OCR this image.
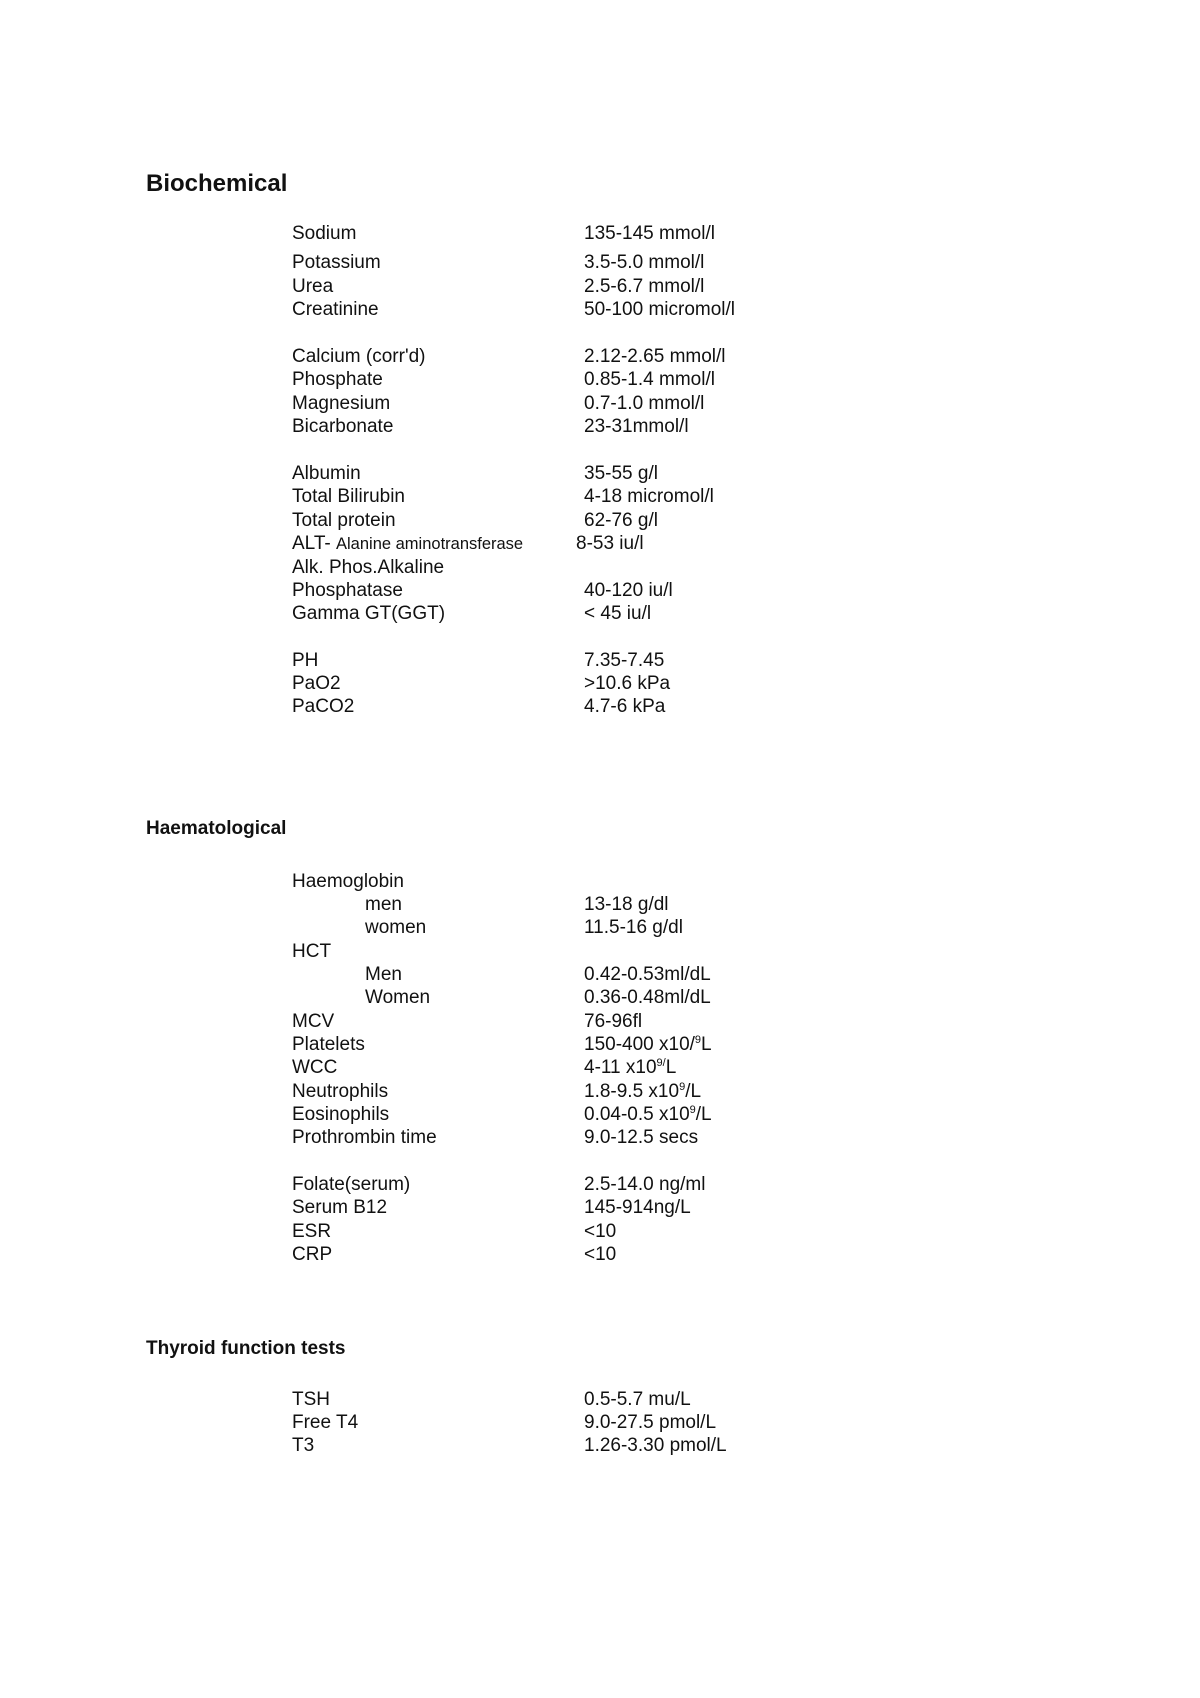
Biochemical
Sodium	135-145 mmol/l
Potassium	3.5-5.0 mmol/l
Urea	2.5-6.7 mmol/l
Creatinine	50-100 micromol/l
Calcium (corr'd)	2.12-2.65 mmol/l
Phosphate	0.85-1.4 mmol/l
Magnesium	0.7-1.0 mmol/l
Bicarbonate	23-31mmol/l
Albumin	35-55 g/l
Total Bilirubin	4-18 micromol/l
Total protein	62-76 g/l
ALT- Alanine aminotransferase	8-53 iu/l
Alk. Phos.Alkaline
Phosphatase	40-120 iu/l
Gamma GT(GGT)	< 45 iu/l
PH	7.35-7.45
PaO2	>10.6 kPa
PaCO2	4.7-6 kPa
Haematological
Haemoglobin
men	13-18 g/dl
women	11.5-16 g/dl
HCT
Men	0.42-0.53ml/dL
Women	0.36-0.48ml/dL
MCV	76-96fl
Platelets	150-400 x10/$^9$L
WCC	4-11 $x10^{9/}L$
Neutrophils	1.8-9.5 $x10^9/L$
Eosinophils	0.04-0.5 $x10^9/L$
Prothrombin time	9.0-12.5 secs
Folate(serum)	2.5-14.0 ng/ml
Serum B12	145-914ng/L
ESR	<10
CRP	<10
Thyroid function tests
TSH	0.5-5.7 mu/L
Free T4	9.0-27.5 pmol/L
T3	1.26-3.30 pmol/L
